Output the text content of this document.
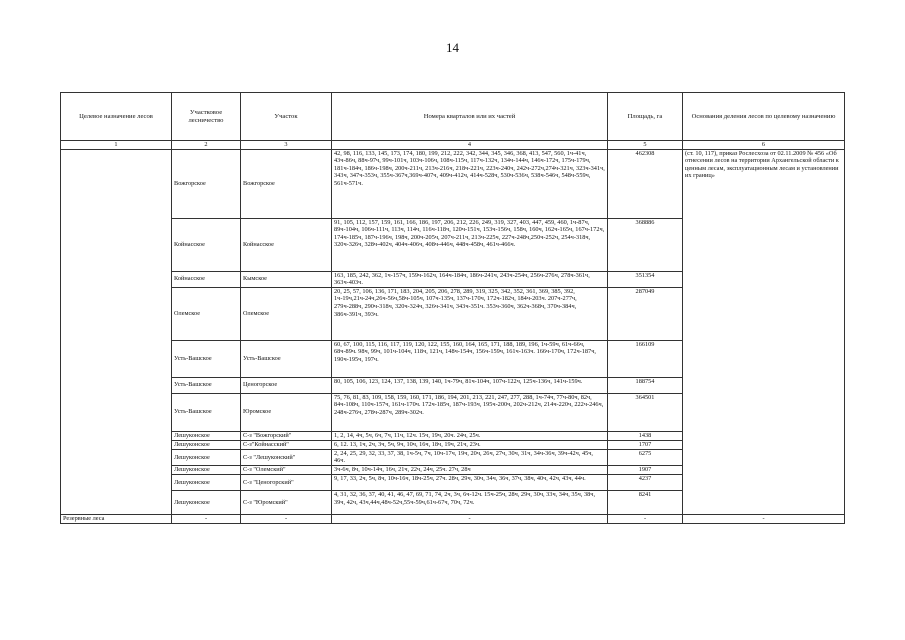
14
Целевое назначение лесов	Участковое лесничество	Участок	Номера кварталов или их частей	Площадь, га	Основания деления лесов по целевому назначению
1	2	3	4	5	6
	Вожгорское	Вожгорское	42, 98, 116, 133, 145, 173, 174, 180, 199, 212, 222, 342, 344, 345, 346, 368, 413, 547, 560, 1ч-41ч, 43ч-86ч, 88ч-97ч, 99ч-101ч, 103ч-106ч, 108ч-115ч, 117ч-132ч, 134ч-144ч, 146ч-172ч, 175ч-179ч, 181ч-184ч, 186ч-198ч, 200ч-211ч, 213ч-216ч, 218ч-221ч, 223ч-240ч, 242ч-272ч,274ч-321ч, 323ч-341ч, 343ч, 347ч-353ч, 355ч-367ч,369ч-407ч, 409ч-412ч, 414ч-528ч, 530ч-536ч, 538ч-546ч, 548ч-559ч, 561ч-571ч.	462308	(ст. 10, 117), приказ Рослесхоза от 02.11.2009 № 456 «Об отнесении лесов на территории Архангельской области к ценным лесам, эксплуатационным лесам и установлении их границ»
	Койнасское	Койнасское	91, 105, 112, 157, 159, 161, 166, 186, 197, 206, 212, 226, 249, 319, 327, 403, 447, 459, 460, 1ч-87ч, 89ч-104ч, 106ч-111ч, 113ч, 114ч, 116ч-118ч, 120ч-151ч, 153ч-156ч, 158ч, 160ч, 162ч-165ч, 167ч-172ч, 174ч-185ч, 187ч-196ч, 198ч, 200ч-205ч, 207ч-211ч, 213ч-225ч, 227ч-248ч,250ч-252ч, 254ч-318ч, 320ч-326ч, 328ч-402ч, 404ч-406ч, 408ч-446ч, 448ч-458ч, 461ч-466ч.	368886	
	Койнасское	Кымское	163, 185, 242, 362, 1ч-157ч, 159ч-162ч, 164ч-184ч, 186ч-241ч, 243ч-254ч, 256ч-276ч, 278ч-361ч, 363ч-403ч.	351354	
	Олемское	Олемское	20, 25, 57, 106, 136, 171, 183, 204, 205, 206, 278, 289, 319, 325, 342, 352, 361, 369, 385, 392, 1ч-19ч,21ч-24ч,26ч-56ч,58ч-105ч, 107ч-135ч, 137ч-170ч, 172ч-182ч, 184ч-203ч. 207ч-277ч, 279ч-288ч, 290ч-318ч, 320ч-324ч, 326ч-341ч, 343ч-351ч. 353ч-360ч, 362ч-368ч, 370ч-384ч, 386ч-391ч, 393ч.	287049	
	Усть-Вашское	Усть-Вашское	60, 67, 100, 115, 116, 117, 119, 120, 122, 155, 160, 164, 165, 171, 188, 189, 196, 1ч-59ч, 61ч-66ч, 68ч-89ч. 98ч, 99ч, 101ч-104ч, 118ч, 121ч, 148ч-154ч, 156ч-159ч, 161ч-163ч. 166ч-170ч, 172ч-187ч, 190ч-195ч, 197ч.	166109	
	Усть-Вашское	Ценогорское	80, 105, 106, 123, 124, 137, 138, 139, 140, 1ч-79ч, 81ч-104ч, 107ч-122ч, 125ч-136ч, 141ч-159ч.	188754	
	Усть-Вашское	Юромское	75, 76, 81, 83, 109, 158, 159, 160, 171, 186, 194, 201, 213, 221, 247, 277, 288, 1ч-74ч, 77ч-80ч, 82ч, 84ч-108ч, 110ч-157ч, 161ч-170ч. 172ч-185ч, 187ч-193ч, 195ч-200ч, 202ч-212ч, 214ч-220ч, 222ч-246ч, 248ч-276ч, 278ч-287ч, 289ч-302ч.	364501	
	Лешуконское	С-з "Вожгорский"	1, 2, 14, 4ч, 5ч, 6ч, 7ч, 11ч, 12ч. 15ч, 19ч, 20ч. 24ч, 25ч.	1438	
	Лешуконское	С-з"Койнасский"	6, 12. 13, 1ч, 2ч, 3ч, 5ч, 9ч, 10ч, 16ч, 18ч, 19ч, 21ч, 23ч.	1707	
	Лешуконское	С-з "Лешуконский"	2, 24, 25, 29, 32, 33, 37, 38, 1ч-5ч, 7ч, 10ч-17ч, 19ч, 20ч, 26ч, 27ч, 30ч, 31ч, 34ч-36ч, 39ч-42ч, 45ч, 46ч.	6275	
	Лешуконское	С-з "Олемский"	3ч-6ч, 8ч, 10ч-14ч, 16ч, 21ч, 22ч, 24ч, 25ч. 27ч, 28ч	1907	
	Лешуконское	С-з "Ценогорский"	9, 17, 33, 2ч, 5ч, 8ч, 10ч-16ч, 18ч-25ч, 27ч. 28ч, 29ч, 30ч, 34ч, 36ч, 37ч, 38ч, 40ч, 42ч, 43ч, 44ч.	4237	
	Лешуконское	С-з "Юромский"	4, 31, 32, 36, 37, 40, 41, 46, 47, 69, 71, 74, 2ч, 3ч, 6ч-12ч. 15ч-25ч, 28ч, 29ч, 30ч, 33ч, 34ч, 35ч, 38ч, 39ч, 42ч, 43ч,44ч,48ч-52ч,55ч-59ч,61ч-67ч, 70ч, 72ч.	8241	
Резервные леса	-	-	-	-	-
